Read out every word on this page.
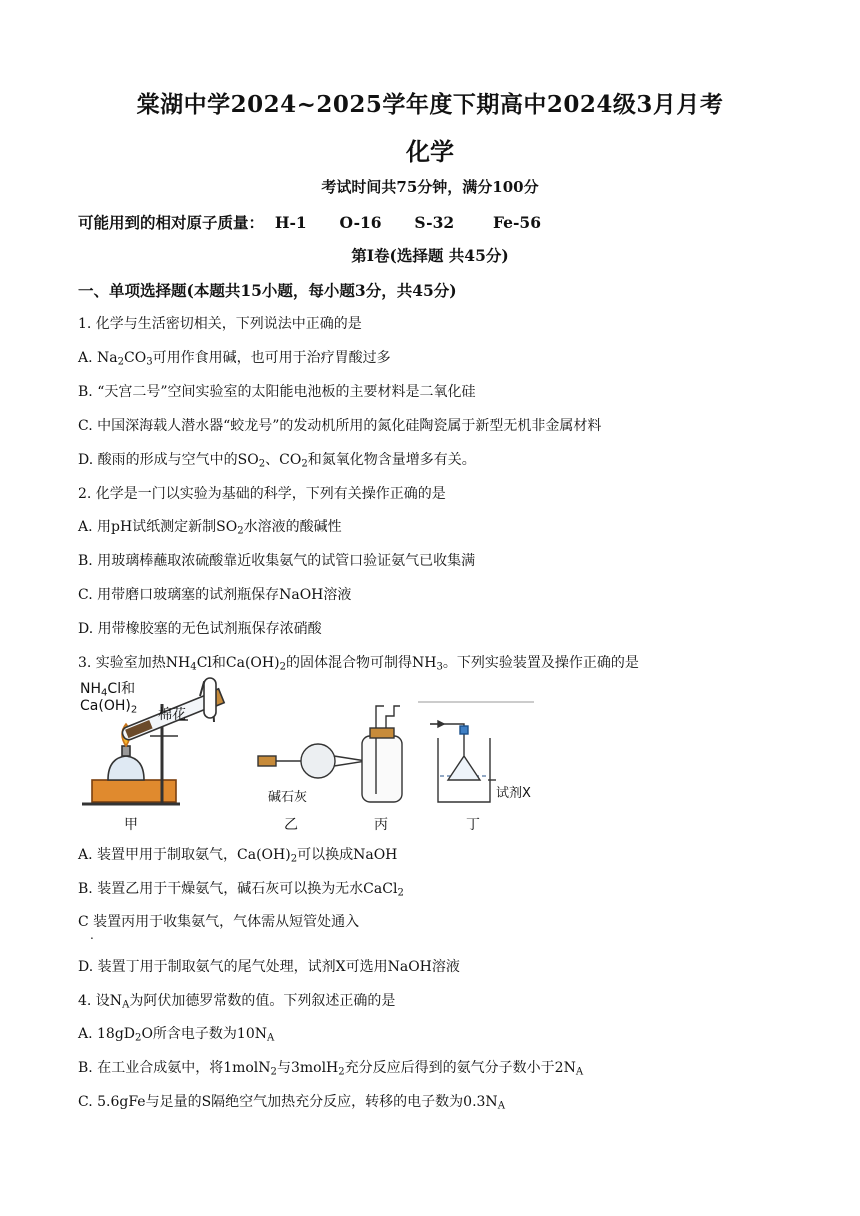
棠湖中学2024~2025学年度下期高中2024级3月月考
化学
考试时间共75分钟，满分100分
可能用到的相对原子质量： H-1 O-16 S-32	Fe-56
第I卷(选择题 共45分)
一、单项选择题(本题共15小题，每小题3分，共45分)
1. 化学与生活密切相关，下列说法中正确的是
A. $Na_2CO_3$可用作食用碱，也可用于治疗胃酸过多
B. “天宫二号”空间实验室的太阳能电池板的主要材料是二氧化硅
C. 中国深海载人潜水器“蛟龙号”的发动机所用的氮化硅陶瓷属于新型无机非金属材料
D. 酸雨的形成与空气中的$SO_2$、$CO_2$和氮氧化物含量增多有关。
2. 化学是一门以实验为基础的科学，下列有关操作正确的是
A. 用pH试纸测定新制$SO_2$水溶液的酸碱性
B. 用玻璃棒蘸取浓硫酸靠近收集氨气的试管口验证氨气已收集满
C. 用带磨口玻璃塞的试剂瓶保存NaOH溶液
D. 用带橡胶塞的无色试剂瓶保存浓硝酸
3. 实验室加热$NH_4Cl$和$Ca(OH)_2$的固体混合物可制得$NH_3$。下列实验装置及操作正确的是
$NH_4Cl$和
$Ca(OH)_2$ 棉花
碱石灰	试剂X
甲	乙	丙	丁
A. 装置甲用于制取氨气，$Ca(OH)_2$可以换成NaOH
B. 装置乙用于干燥氨气，碱石灰可以换为无水CaCl$_2$
C 装置丙用于收集氨气，气体需从短管处通入
.
D. 装置丁用于制取氨气的尾气处理，试剂X可选用NaOH溶液
4. 设$N_A$为阿伏加德罗常数的值。下列叙述正确的是
A. $18gD_2O$所含电子数为$10N_A$
B. 在工业合成氨中，将1molN$_2$与3molH$_2$充分反应后得到的氨气分子数小于$2N_A$
C. 5.6gFe与足量的S隔绝空气加热充分反应，转移的电子数为$0.3N_A$
